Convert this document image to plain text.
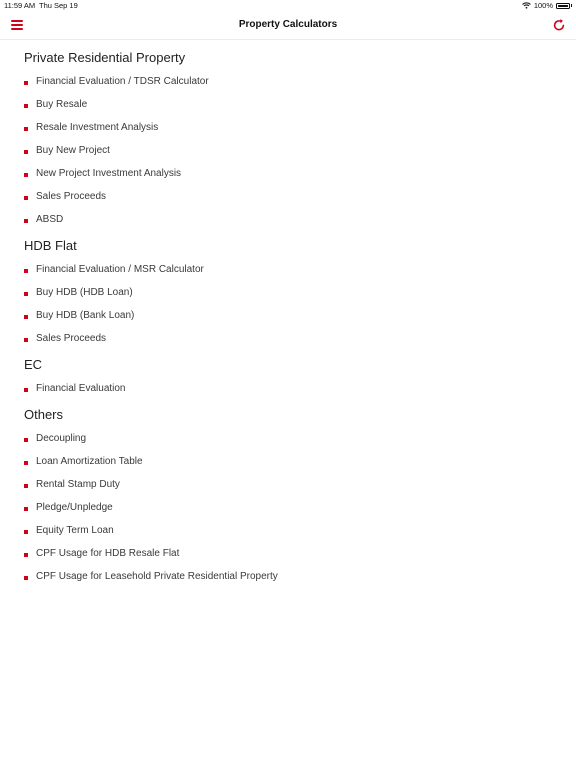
11:59 AM Thu Sep 19	100%
Property Calculators
Private Residential Property
Financial Evaluation / TDSR Calculator
Buy Resale
Resale Investment Analysis
Buy New Project
New Project Investment Analysis
Sales Proceeds
ABSD
HDB Flat
Financial Evaluation / MSR Calculator
Buy HDB (HDB Loan)
Buy HDB (Bank Loan)
Sales Proceeds
EC
Financial Evaluation
Others
Decoupling
Loan Amortization Table
Rental Stamp Duty
Pledge/Unpledge
Equity Term Loan
CPF Usage for HDB Resale Flat
CPF Usage for Leasehold Private Residential Property
